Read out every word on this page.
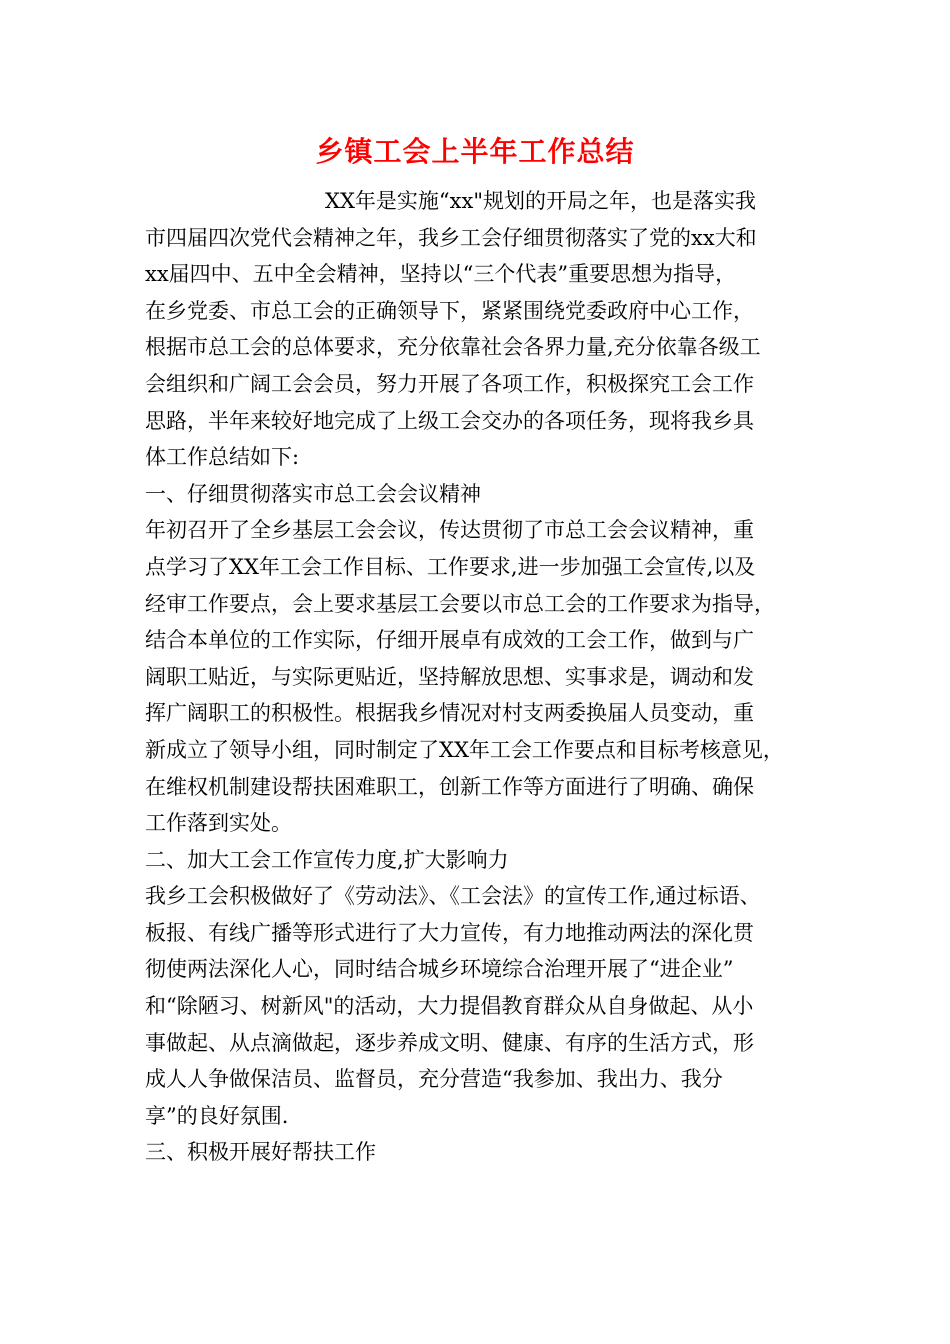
乡镇工会上半年工作总结
XX年是实施“xx"规划的开局之年，也是落实我
市四届四次党代会精神之年，我乡工会仔细贯彻落实了党的xx大和
xx届四中、五中全会精神，坚持以“三个代表”重要思想为指导，
在乡党委、市总工会的正确领导下，紧紧围绕党委政府中心工作，
根据市总工会的总体要求，充分依靠社会各界力量,充分依靠各级工
会组织和广阔工会会员，努力开展了各项工作，积极探究工会工作
思路，半年来较好地完成了上级工会交办的各项任务，现将我乡具
体工作总结如下:
一、仔细贯彻落实市总工会会议精神
年初召开了全乡基层工会会议，传达贯彻了市总工会会议精神，重
点学习了XX年工会工作目标、工作要求,进一步加强工会宣传,以及
经审工作要点，会上要求基层工会要以市总工会的工作要求为指导，
结合本单位的工作实际，仔细开展卓有成效的工会工作，做到与广
阔职工贴近，与实际更贴近，坚持解放思想、实事求是，调动和发
挥广阔职工的积极性。根据我乡情况对村支两委换届人员变动，重
新成立了领导小组，同时制定了XX年工会工作要点和目标考核意见，
在维权机制建设帮扶困难职工，创新工作等方面进行了明确、确保
工作落到实处。
二、加大工会工作宣传力度,扩大影响力
我乡工会积极做好了《劳动法》、《工会法》的宣传工作,通过标语、
板报、有线广播等形式进行了大力宣传，有力地推动两法的深化贯
彻使两法深化人心，同时结合城乡环境综合治理开展了“进企业”
和“除陋习、树新风"的活动，大力提倡教育群众从自身做起、从小
事做起、从点滴做起，逐步养成文明、健康、有序的生活方式，形
成人人争做保洁员、监督员，充分营造“我参加、我出力、我分
享”的良好氛围.
三、积极开展好帮扶工作
